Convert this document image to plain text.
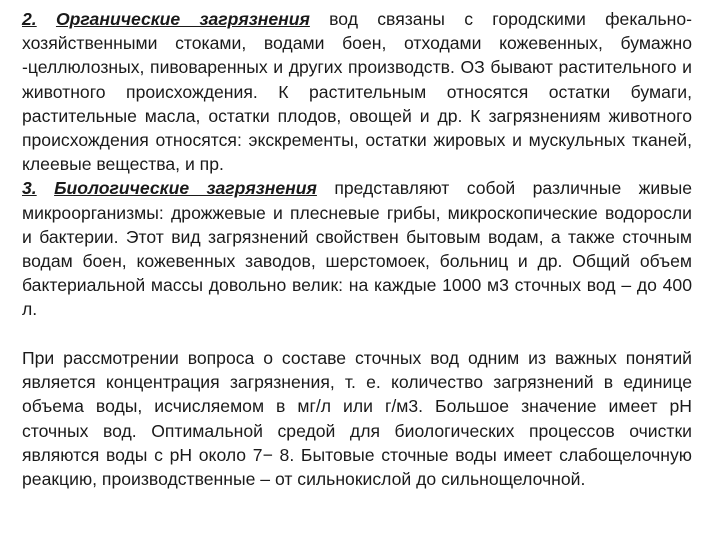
2. Органические загрязнения вод связаны с городскими фекально-хозяйственными стоками, водами боен, отходами кожевенных, бумажно -целлюлозных, пивоваренных и других производств. ОЗ бывают растительного и животного происхождения. К растительным относятся остатки бумаги, растительные масла, остатки плодов, овощей и др. К загрязнениям животного происхождения относятся: экскременты, остатки жировых и мускульных тканей, клеевые вещества, и пр.

3. Биологические загрязнения представляют собой различные живые микроорганизмы: дрожжевые и плесневые грибы, микроскопические водоросли и бактерии. Этот вид загрязнений свойствен бытовым водам, а также сточным водам боен, кожевенных заводов, шерстомоек, больниц и др. Общий объем бактериальной массы довольно велик: на каждые 1000 м3 сточных вод – до 400 л.

При рассмотрении вопроса о составе сточных вод одним из важных понятий является концентрация загрязнения, т. е. количество загрязнений в единице объема воды, исчисляемом в мг/л или г/м3. Большое значение имеет рН сточных вод. Оптимальной средой для биологических процессов очистки являются воды с рН около 7− 8. Бытовые сточные воды имеет слабощелочную реакцию, производственные – от сильнокислой до сильнощелочной.
